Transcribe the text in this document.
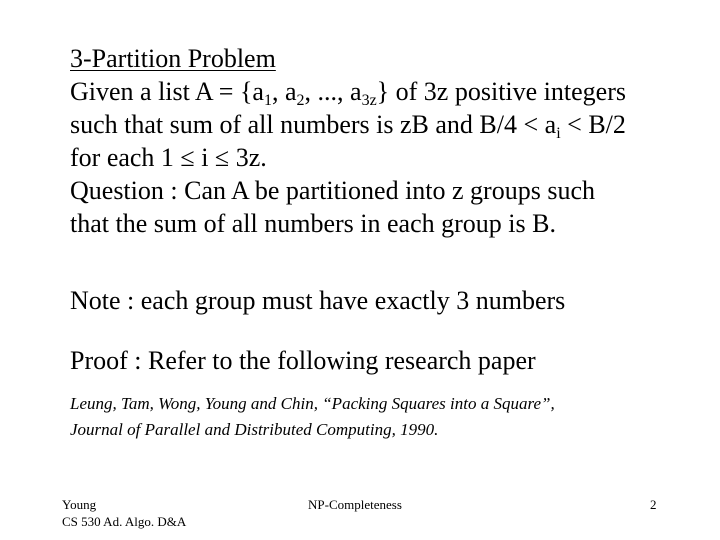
3-Partition Problem
Given a list $A = \{a_1$, $a_2$, ..., $a_{3z}$} of 3z positive integers
such that sum of all numbers is zB and $B/4 < a_i < B/2$
for each 1 ≤ i ≤ 3z.
Question : Can A be partitioned into z groups such
that the sum of all numbers in each group is B.
Note : each group must have exactly 3 numbers
Proof : Refer to the following research paper
Leung, Tam, Wong, Young and Chin, “Packing Squares into a Square”,
Journal of Parallel and Distributed Computing, 1990.
Young
CS 530 Ad. Algo. D&A
NP-Completeness	2
